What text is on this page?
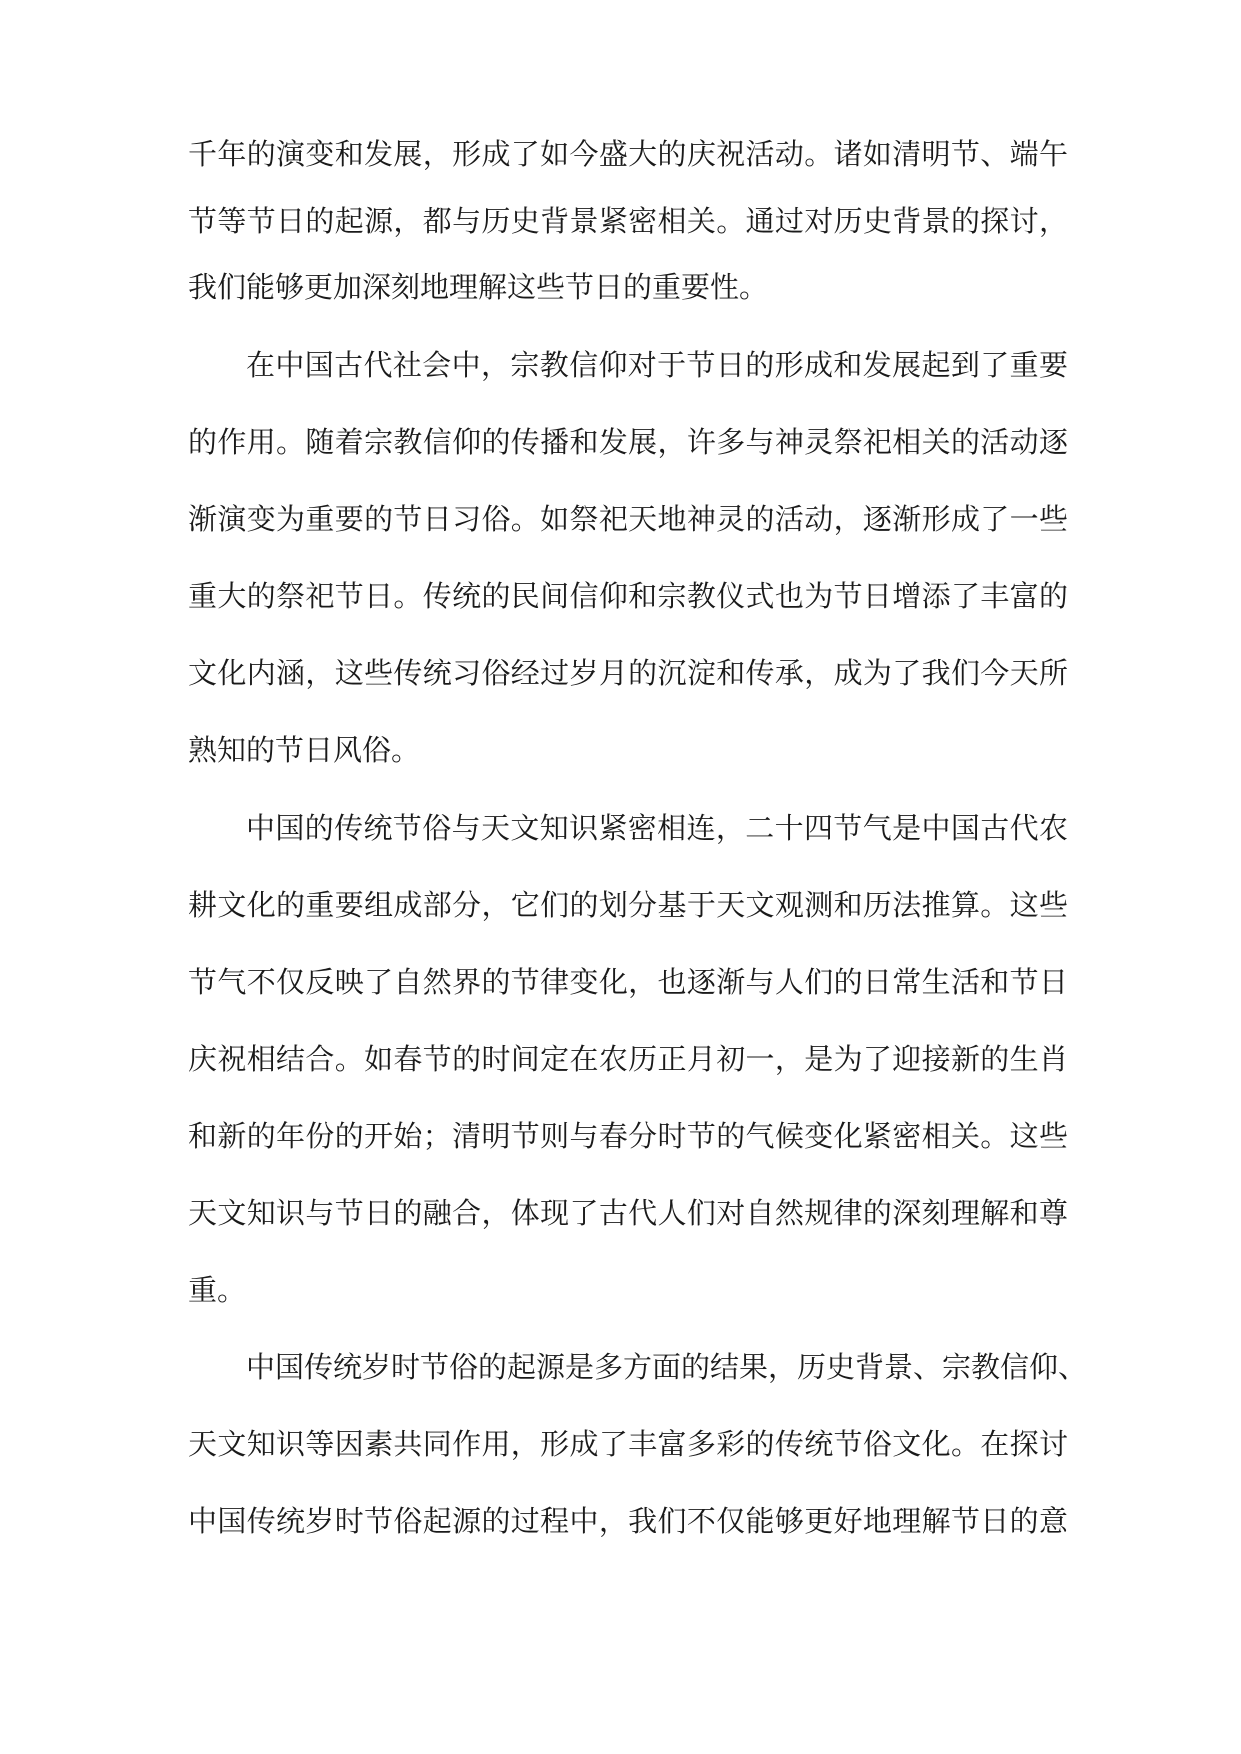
千年的演变和发展，形成了如今盛大的庆祝活动。诸如清明节、端午
节等节日的起源，都与历史背景紧密相关。通过对历史背景的探讨，
我们能够更加深刻地理解这些节日的重要性。
在中国古代社会中，宗教信仰对于节日的形成和发展起到了重要
的作用。随着宗教信仰的传播和发展，许多与神灵祭祀相关的活动逐
渐演变为重要的节日习俗。如祭祀天地神灵的活动，逐渐形成了一些
重大的祭祀节日。传统的民间信仰和宗教仪式也为节日增添了丰富的
文化内涵，这些传统习俗经过岁月的沉淀和传承，成为了我们今天所
熟知的节日风俗。
中国的传统节俗与天文知识紧密相连，二十四节气是中国古代农
耕文化的重要组成部分，它们的划分基于天文观测和历法推算。这些
节气不仅反映了自然界的节律变化，也逐渐与人们的日常生活和节日
庆祝相结合。如春节的时间定在农历正月初一，是为了迎接新的生肖
和新的年份的开始；清明节则与春分时节的气候变化紧密相关。这些
天文知识与节日的融合，体现了古代人们对自然规律的深刻理解和尊
重。
中国传统岁时节俗的起源是多方面的结果，历史背景、宗教信仰、
天文知识等因素共同作用，形成了丰富多彩的传统节俗文化。在探讨
中国传统岁时节俗起源的过程中，我们不仅能够更好地理解节日的意
